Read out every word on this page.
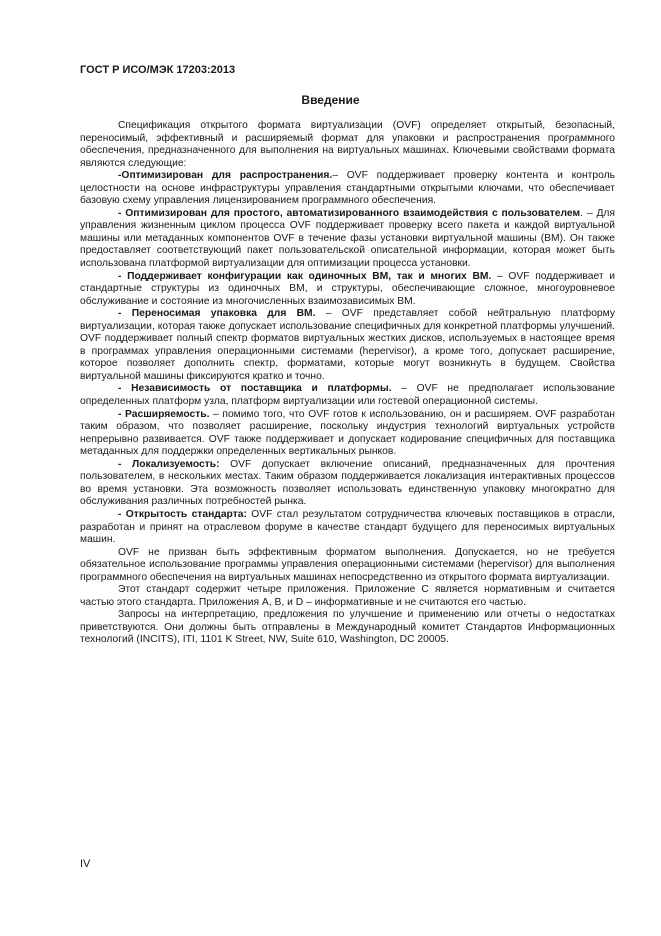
ГОСТ Р ИСО/МЭК 17203:2013
Введение

Спецификация открытого формата виртуализации (OVF) определяет открытый, безопасный, переносимый, эффективный и расширяемый формат для упаковки и распространения программного обеспечения, предназначенного для выполнения на виртуальных машинах. Ключевыми свойствами формата являются следующие:

-Оптимизирован для распространения.– OVF поддерживает проверку контента и контроль целостности на основе инфраструктуры управления стандартными открытыми ключами, что обеспечивает базовую схему управления лицензированием программного обеспечения.

- Оптимизирован для простого, автоматизированного взаимодействия с пользователем. – Для управления жизненным циклом процесса OVF поддерживает проверку всего пакета и каждой виртуальной машины или метаданных компонентов OVF в течение фазы установки виртуальной машины (ВМ). Он также предоставляет соответствующий пакет пользовательской описательной информации, которая может быть использована платформой виртуализации для оптимизации процесса установки.

- Поддерживает конфигурации как одиночных ВМ, так и многих ВМ. – OVF поддерживает и стандартные структуры из одиночных ВМ, и структуры, обеспечивающие сложное, многоуровневое обслуживание и состояние из многочисленных взаимозависимых ВМ.

- Переносимая упаковка для ВМ. – OVF представляет собой нейтральную платформу виртуализации, которая также допускает использование специфичных для конкретной платформы улучшений. OVF поддерживает полный спектр форматов виртуальных жестких дисков, используемых в настоящее время в программах управления операционными системами (hepervisor), а кроме того, допускает расширение, которое позволяет дополнить спектр, форматами, которые могут возникнуть в будущем. Свойства виртуальной машины фиксируются кратко и точно.

- Независимость от поставщика и платформы. – OVF не предполагает использование определенных платформ узла, платформ виртуализации или гостевой операционной системы.

- Расширяемость. – помимо того, что OVF готов к использованию, он и расширяем. OVF разработан таким образом, что позволяет расширение, поскольку индустрия технологий виртуальных устройств непрерывно развивается. OVF также поддерживает и допускает кодирование специфичных для поставщика метаданных для поддержки определенных вертикальных рынков.

- Локализуемость: OVF допускает включение описаний, предназначенных для прочтения пользователем, в нескольких местах. Таким образом поддерживается локализация интерактивных процессов во время установки. Эта возможность позволяет использовать единственную упаковку многократно для обслуживания различных потребностей рынка.

- Открытость стандарта: OVF стал результатом сотрудничества ключевых поставщиков в отрасли, разработан и принят на отраслевом форуме в качестве стандарт будущего для переносимых виртуальных машин.

OVF не призван быть эффективным форматом выполнения. Допускается, но не требуется обязательное использование программы управления операционными системами (hepervisor) для выполнения программного обеспечения на виртуальных машинах непосредственно из открытого формата виртуализации.

Этот стандарт содержит четыре приложения. Приложение С является нормативным и считается частью этого стандарта. Приложения А, В, и D – информативные и не считаются его частью.

Запросы на интерпретацию, предложения по улучшение и применению или отчеты о недостатках приветствуются. Они должны быть отправлены в Международный комитет Стандартов Информационных технологий (INCITS), ITI, 1101 K Street, NW, Suite 610, Washington, DC 20005.

IV
